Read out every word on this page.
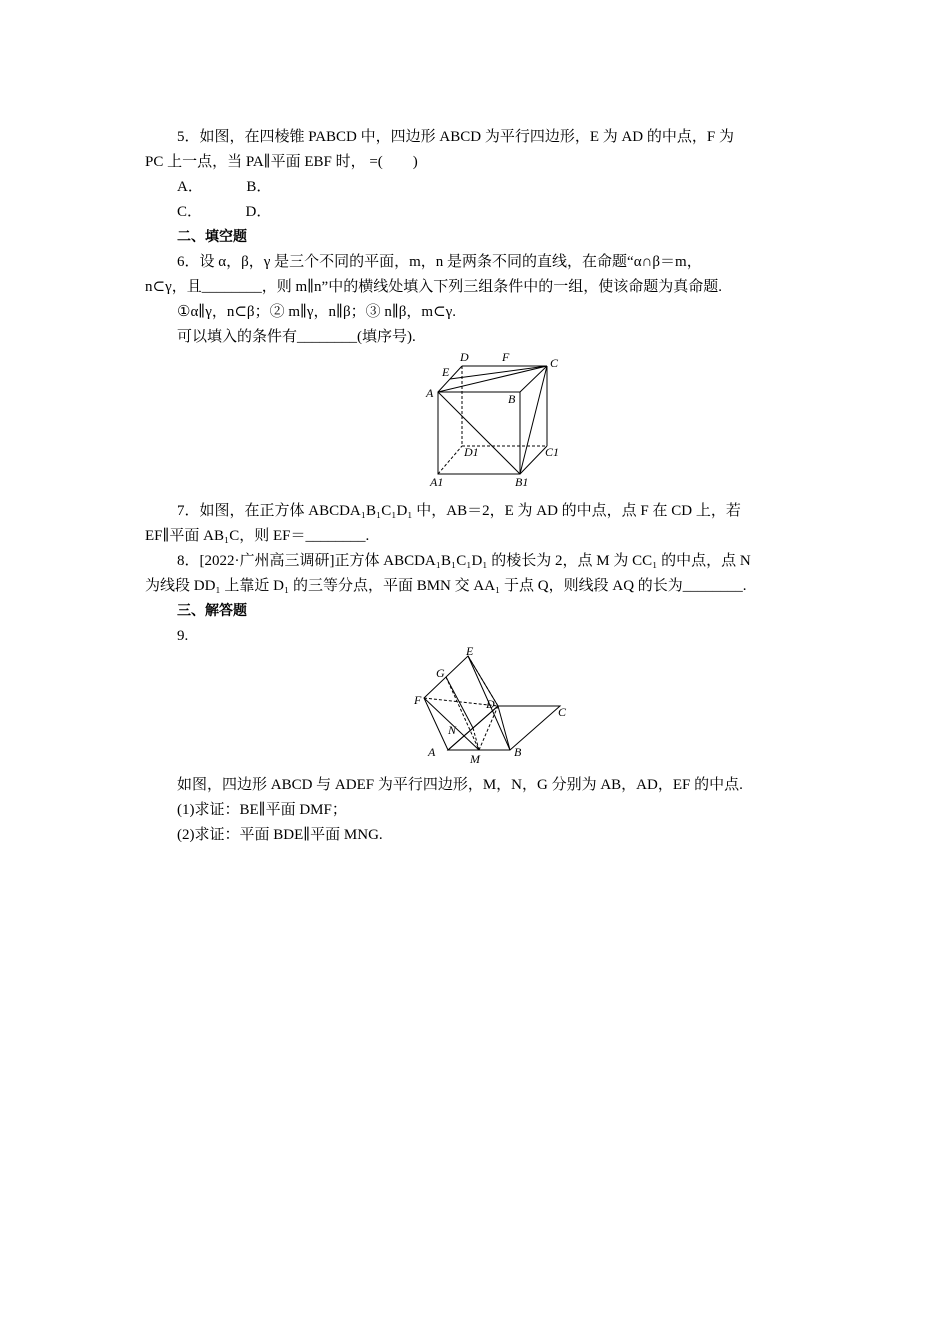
5．如图，在四棱锥 PABCD 中，四边形 ABCD 为平行四边形，E 为 AD 的中点，F 为
PC 上一点，当 PA∥平面 EBF 时， =(　　)
A．	B．
C．	D．
二、填空题
6．设 α，β，γ 是三个不同的平面，m，n 是两条不同的直线，在命题“α∩β＝m，
n⊂γ，且________，则 m∥n”中的横线处填入下列三组条件中的一组，使该命题为真命题.
①α∥γ，n⊂β；② m∥γ，n∥β；③ n∥β，m⊂γ.
可以填入的条件有________(填序号).
D	F	C
E
A	B
D1	C1
A1	B1
7．如图，在正方体 ABCDA₁B₁C₁D₁ 中，AB＝2，E 为 AD 的中点，点 F 在 CD 上，若
EF∥平面 AB₁C，则 EF＝________.
8．[2022·广州高三调研]正方体 ABCDA₁B₁C₁D₁ 的棱长为 2，点 M 为 CC₁ 的中点，点 N
为线段 DD₁ 上靠近 D₁ 的三等分点，平面 BMN 交 AA₁ 于点 Q，则线段 AQ 的长为________.
三、解答题
9.
E
G
F	D
C
N
A	M	B
如图，四边形 ABCD 与 ADEF 为平行四边形，M，N，G 分别为 AB，AD，EF 的中点.
(1)求证：BE∥平面 DMF；
(2)求证：平面 BDE∥平面 MNG.
